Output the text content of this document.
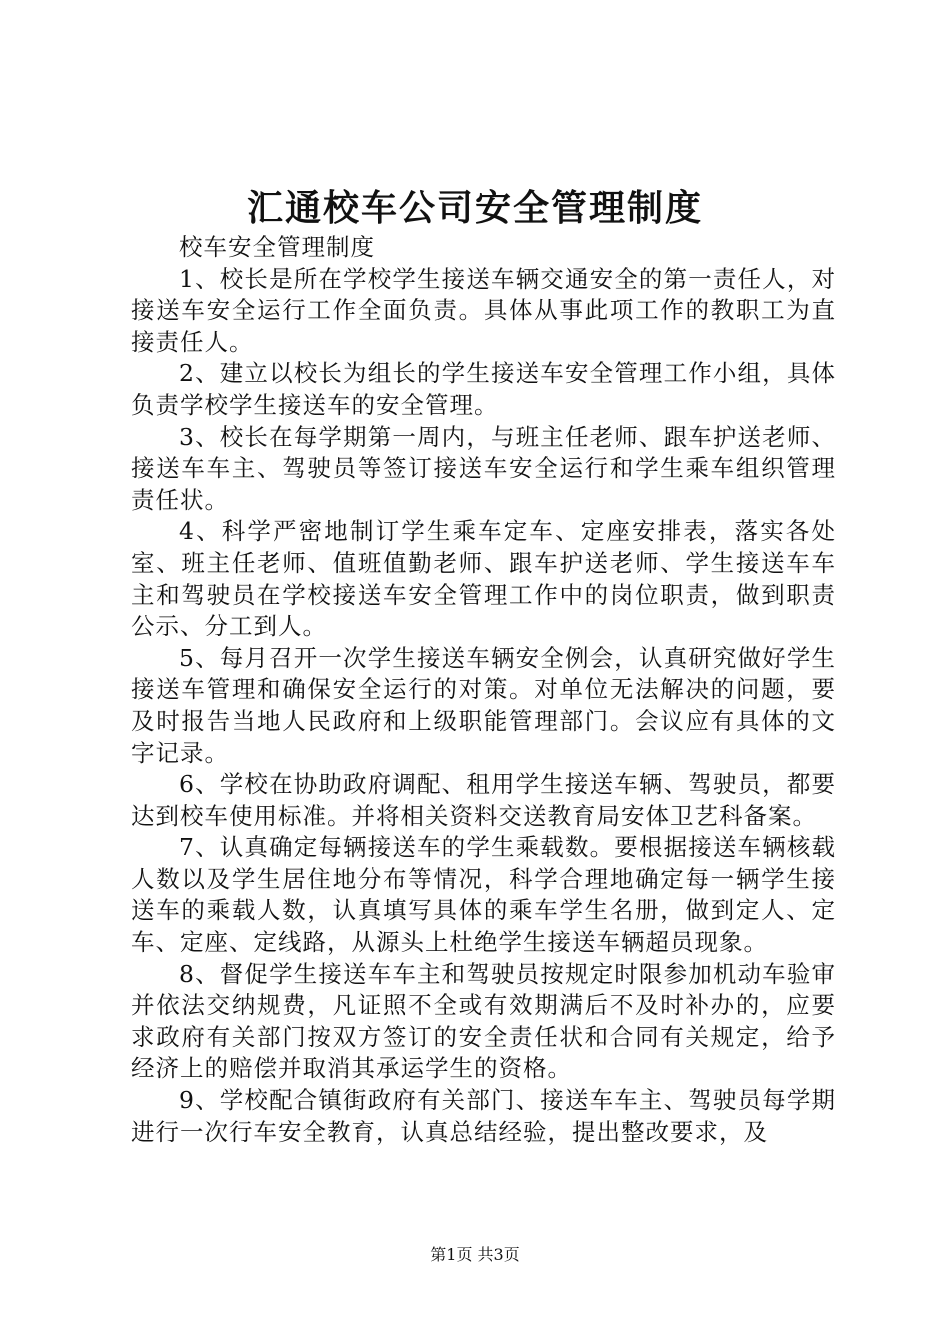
汇通校车公司安全管理制度

校车安全管理制度

1、校长是所在学校学生接送车辆交通安全的第一责任人，对接送车安全运行工作全面负责。具体从事此项工作的教职工为直接责任人。

2、建立以校长为组长的学生接送车安全管理工作小组，具体负责学校学生接送车的安全管理。

3、校长在每学期第一周内，与班主任老师、跟车护送老师、接送车车主、驾驶员等签订接送车安全运行和学生乘车组织管理责任状。

4、科学严密地制订学生乘车定车、定座安排表，落实各处室、班主任老师、值班值勤老师、跟车护送老师、学生接送车车主和驾驶员在学校接送车安全管理工作中的岗位职责，做到职责公示、分工到人。

5、每月召开一次学生接送车辆安全例会，认真研究做好学生接送车管理和确保安全运行的对策。对单位无法解决的问题，要及时报告当地人民政府和上级职能管理部门。会议应有具体的文字记录。

6、学校在协助政府调配、租用学生接送车辆、驾驶员，都要达到校车使用标准。并将相关资料交送教育局安体卫艺科备案。

7、认真确定每辆接送车的学生乘载数。要根据接送车辆核载人数以及学生居住地分布等情况，科学合理地确定每一辆学生接送车的乘载人数，认真填写具体的乘车学生名册，做到定人、定车、定座、定线路，从源头上杜绝学生接送车辆超员现象。

8、督促学生接送车车主和驾驶员按规定时限参加机动车验审并依法交纳规费，凡证照不全或有效期满后不及时补办的，应要求政府有关部门按双方签订的安全责任状和合同有关规定，给予经济上的赔偿并取消其承运学生的资格。

9、学校配合镇街政府有关部门、接送车车主、驾驶员每学期进行一次行车安全教育，认真总结经验，提出整改要求，及

第1页 共3页
